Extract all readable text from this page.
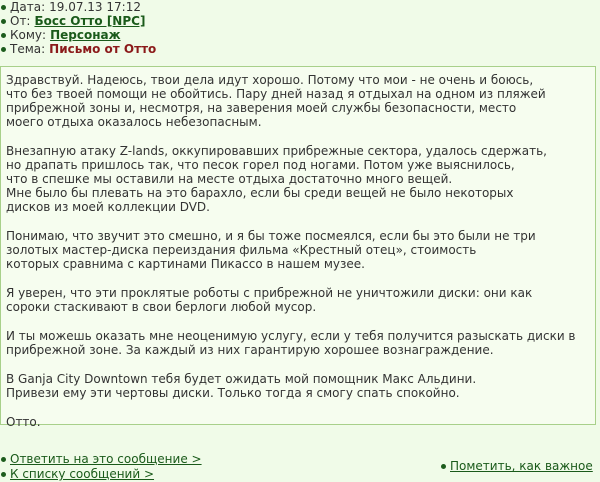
Дата: 19.07.13 17:12
От: Босс Отто [NPC]
Кому: Персонаж
Тема: Письмо от Отто

Здравствуй. Надеюсь, твои дела идут хорошо. Потому что мои - не очень и боюсь,
что без твоей помощи не обойтись. Пару дней назад я отдыхал на одном из пляжей
прибрежной зоны и, несмотря, на заверения моей службы безопасности, место
моего отдыха оказалось небезопасным.

Внезапную атаку Z-lands, оккупировавших прибрежные сектора, удалось сдержать,
но драпать пришлось так, что песок горел под ногами. Потом уже выяснилось,
что в спешке мы оставили на месте отдыха достаточно много вещей.
Мне было бы плевать на это барахло, если бы среди вещей не было некоторых
дисков из моей коллекции DVD.

Понимаю, что звучит это смешно, и я бы тоже посмеялся, если бы это были не три
золотых мастер-диска переиздания фильма «Крестный отец», стоимость
которых сравнима с картинами Пикассо в нашем музее.

Я уверен, что эти проклятые роботы с прибрежной не уничтожили диски: они как
сороки стаскивают в свои берлоги любой мусор.

И ты можешь оказать мне неоценимую услугу, если у тебя получится разыскать диски в
прибрежной зоне. За каждый из них гарантирую хорошее вознаграждение.

В Ganja City Downtown тебя будет ожидать мой помощник Макс Альдини.
Привези ему эти чертовы диски. Только тогда я смогу спать спокойно.

Отто.

Ответить на это сообщение >
К списку сообщений >
Пометить, как важное
